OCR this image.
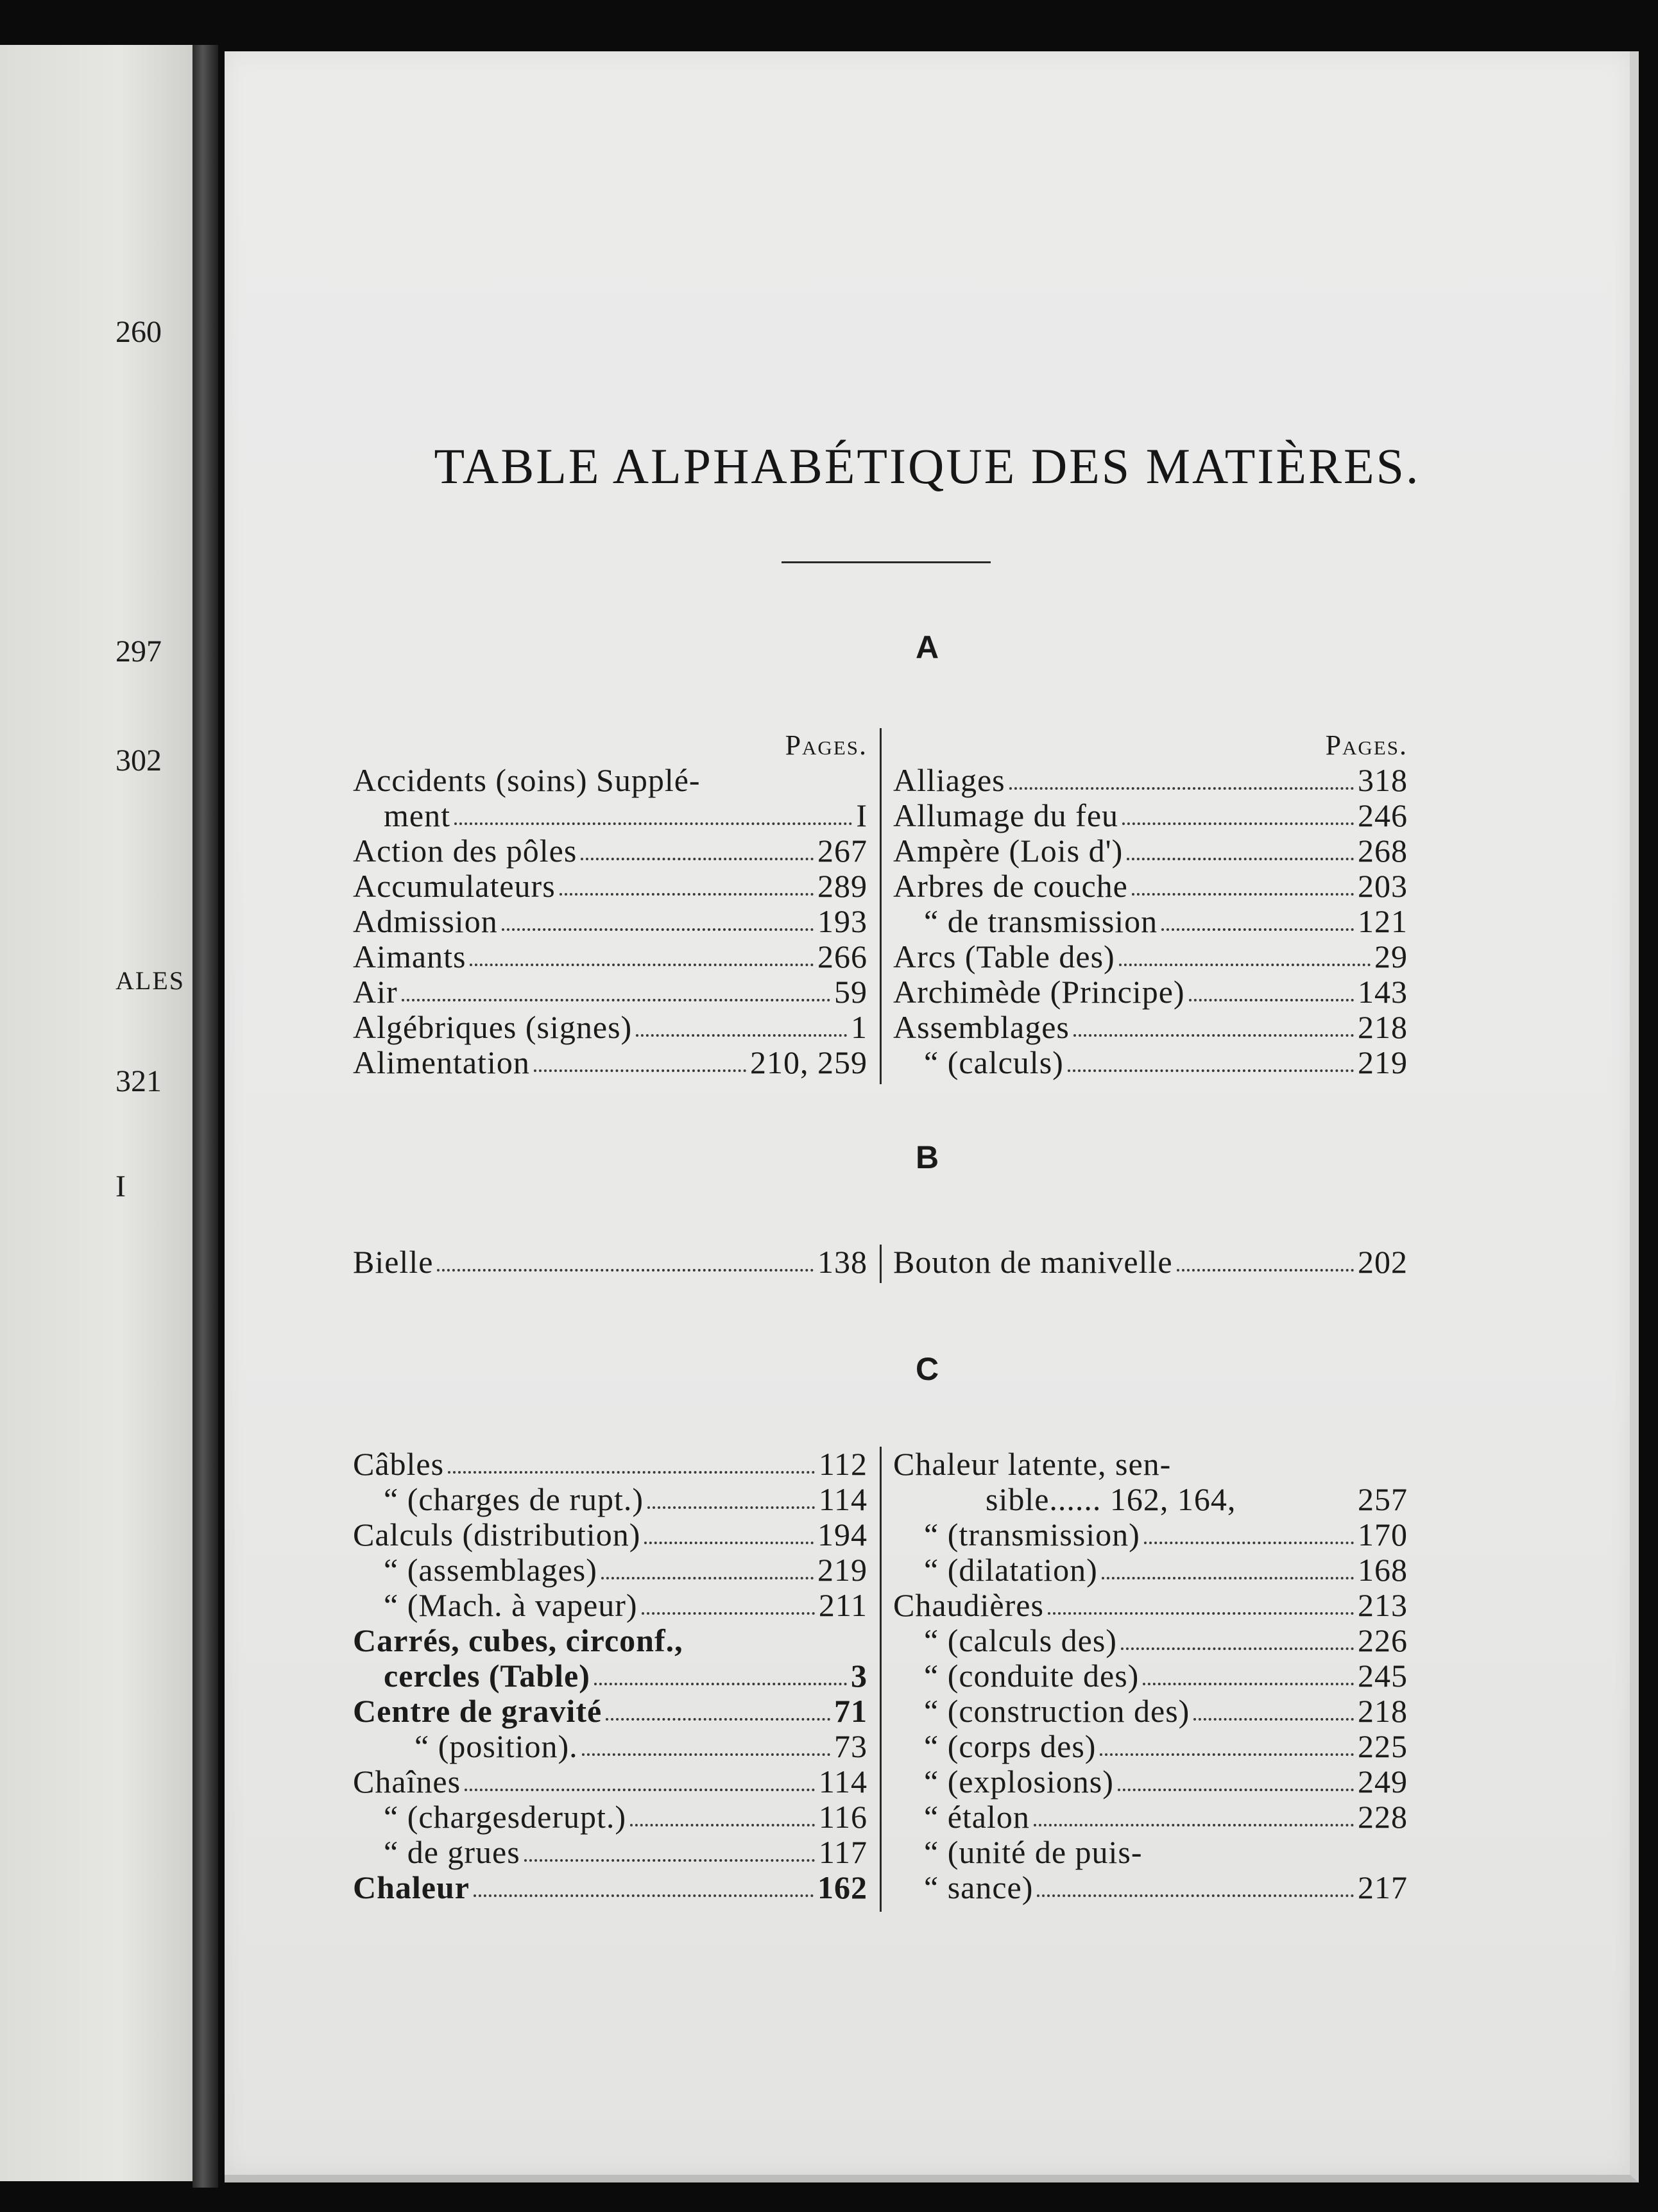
260
297
302
ALES
321
I
TABLE ALPHABÉTIQUE DES MATIÈRES.
A
Pages.
Accidents (soins) Supplé-
ment	I
Action des pôles	267
Accumulateurs	289
Admission	193
Aimants	266
Air	59
Algébriques (signes)	1
Alimentation	210, 259
Pages.
Alliages	318
Allumage du feu	246
Ampère (Lois d')	268
Arbres de couche	203
“ de transmission	121
Arcs (Table des)	29
Archimède (Principe)	143
Assemblages	218
“ (calculs)	219
B
Bielle	138 Bouton de manivelle	202
C
Câbles	112
“ (charges de rupt.)	114
Calculs (distribution)	194
“ (assemblages)	219
“ (Mach. à vapeur)	211
Carrés, cubes, circonf.,
cercles (Table)	3
Centre de gravité	71
“ (position).	73
Chaînes	114
“ (chargesderupt.)	116
“ de grues	117
Chaleur	162
Chaleur latente, sen-
sible...... 162, 164,	257
“ (transmission)	170
“ (dilatation)	168
Chaudières	213
“ (calculs des)	226
“ (conduite des)	245
“ (construction des)	218
“ (corps des)	225
“ (explosions)	249
“ étalon	228
“ (unité de puis-
“ sance)	217
